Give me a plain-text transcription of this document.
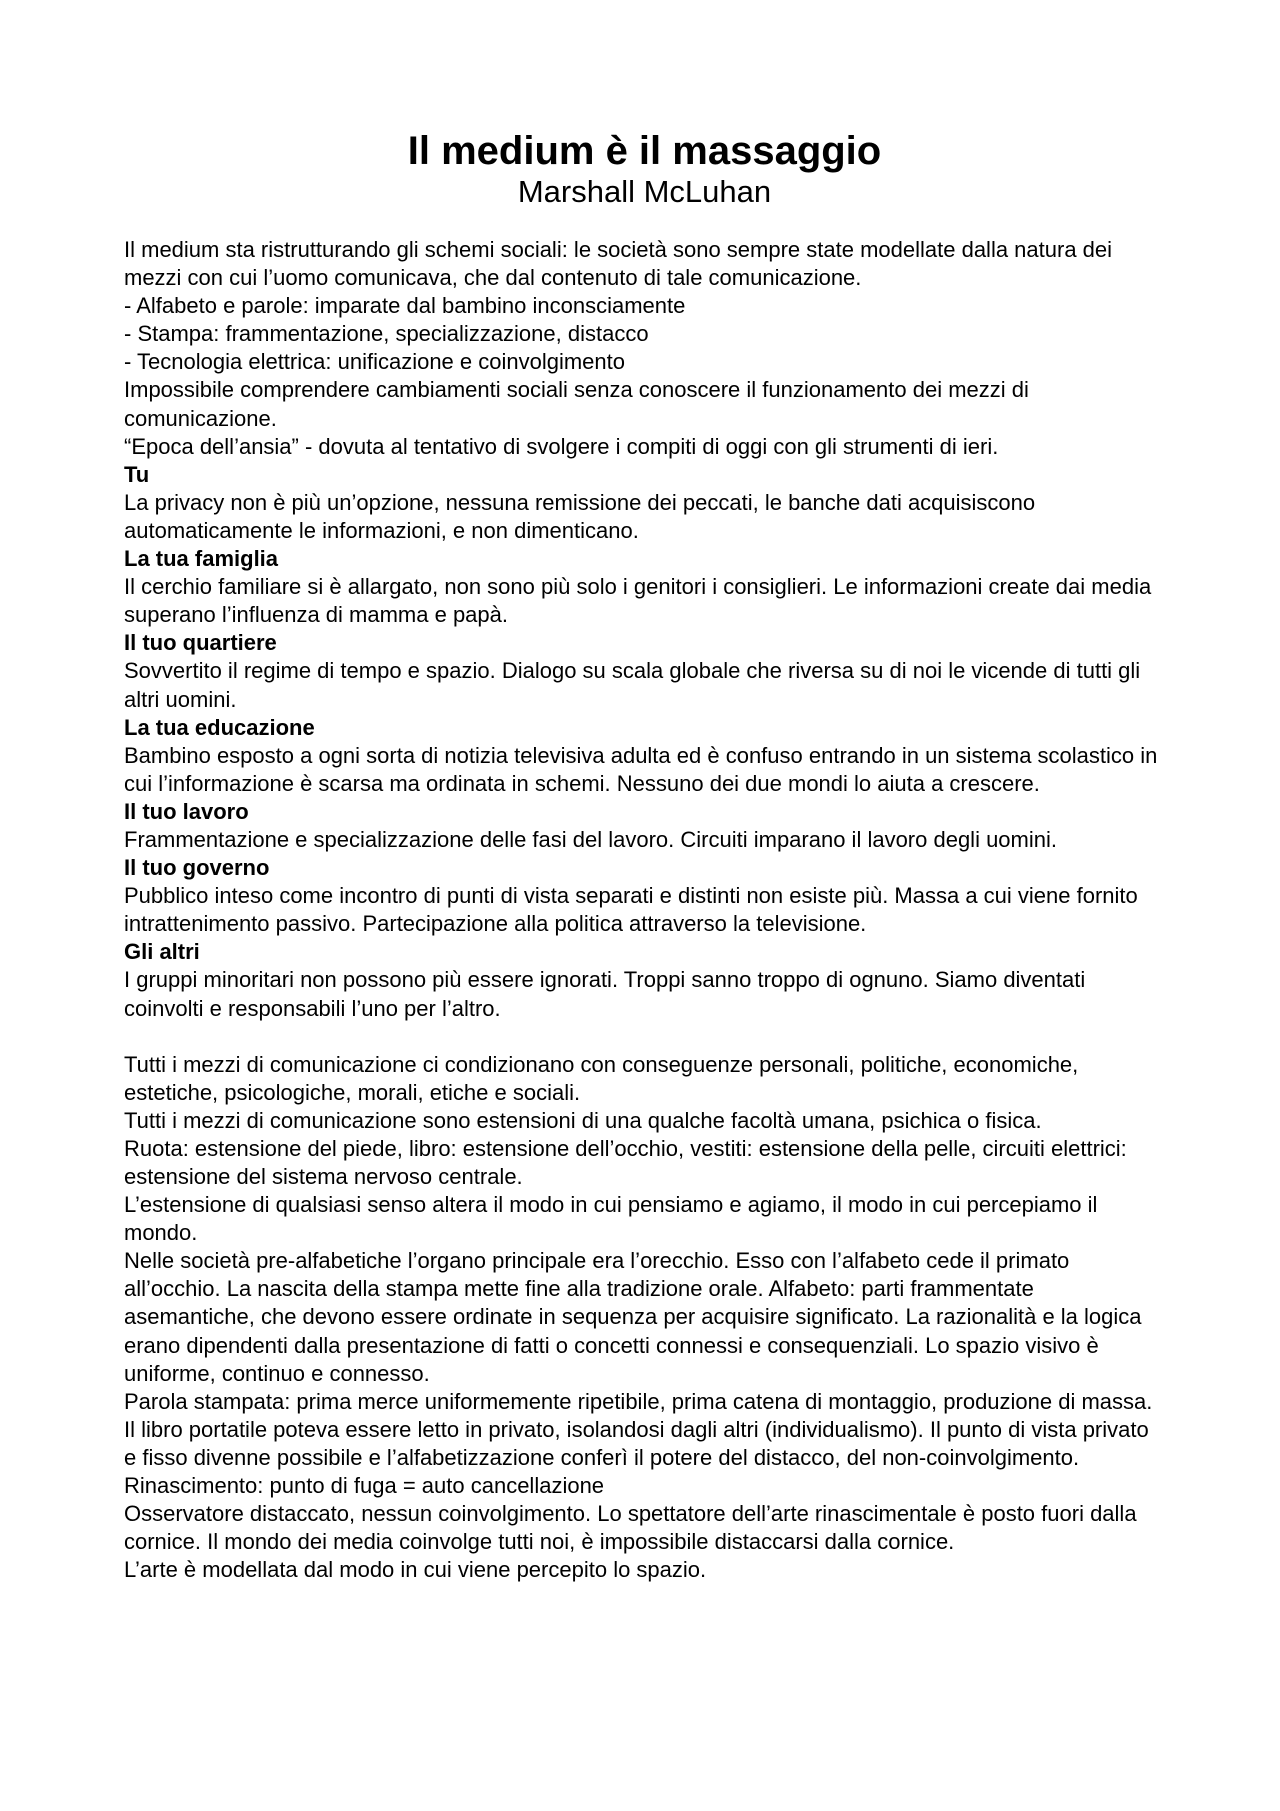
Il medium è il massaggio
Marshall McLuhan

Il medium sta ristrutturando gli schemi sociali: le società sono sempre state modellate dalla natura dei mezzi con cui l’uomo comunicava, che dal contenuto di tale comunicazione.

- Alfabeto e parole: imparate dal bambino inconsciamente

- Stampa: frammentazione, specializzazione, distacco

- Tecnologia elettrica: unificazione e coinvolgimento

Impossibile comprendere cambiamenti sociali senza conoscere il funzionamento dei mezzi di comunicazione.

“Epoca dell’ansia” - dovuta al tentativo di svolgere i compiti di oggi con gli strumenti di ieri.

Tu

La privacy non è più un’opzione, nessuna remissione dei peccati, le banche dati acquisiscono automaticamente le informazioni, e non dimenticano.

La tua famiglia

Il cerchio familiare si è allargato, non sono più solo i genitori i consiglieri. Le informazioni create dai media superano l’influenza di mamma e papà.

Il tuo quartiere

Sovvertito il regime di tempo e spazio. Dialogo su scala globale che riversa su di noi le vicende di tutti gli altri uomini.

La tua educazione

Bambino esposto a ogni sorta di notizia televisiva adulta ed è confuso entrando in un sistema scolastico in cui l’informazione è scarsa ma ordinata in schemi. Nessuno dei due mondi lo aiuta a crescere.

Il tuo lavoro

Frammentazione e specializzazione delle fasi del lavoro. Circuiti imparano il lavoro degli uomini.

Il tuo governo

Pubblico inteso come incontro di punti di vista separati e distinti non esiste più. Massa a cui viene fornito intrattenimento passivo. Partecipazione alla politica attraverso la televisione.

Gli altri

I gruppi minoritari non possono più essere ignorati. Troppi sanno troppo di ognuno. Siamo diventati coinvolti e responsabili l’uno per l’altro.

Tutti i mezzi di comunicazione ci condizionano con conseguenze personali, politiche, economiche, estetiche, psicologiche, morali, etiche e sociali.

Tutti i mezzi di comunicazione sono estensioni di una qualche facoltà umana, psichica o fisica.

Ruota: estensione del piede, libro: estensione dell’occhio, vestiti: estensione della pelle, circuiti elettrici: estensione del sistema nervoso centrale.

L’estensione di qualsiasi senso altera il modo in cui pensiamo e agiamo, il modo in cui percepiamo il mondo.

Nelle società pre-alfabetiche l’organo principale era l’orecchio. Esso con l’alfabeto cede il primato all’occhio. La nascita della stampa mette fine alla tradizione orale. Alfabeto: parti frammentate asemantiche, che devono essere ordinate in sequenza per acquisire significato. La razionalità e la logica erano dipendenti dalla presentazione di fatti o concetti connessi e consequenziali. Lo spazio visivo è uniforme, continuo e connesso.

Parola stampata: prima merce uniformemente ripetibile, prima catena di montaggio, produzione di massa. Il libro portatile poteva essere letto in privato, isolandosi dagli altri (individualismo). Il punto di vista privato e fisso divenne possibile e l’alfabetizzazione conferì il potere del distacco, del non-coinvolgimento.

Rinascimento: punto di fuga = auto cancellazione

Osservatore distaccato, nessun coinvolgimento. Lo spettatore dell’arte rinascimentale è posto fuori dalla cornice. Il mondo dei media coinvolge tutti noi, è impossibile distaccarsi dalla cornice.

L’arte è modellata dal modo in cui viene percepito lo spazio.
